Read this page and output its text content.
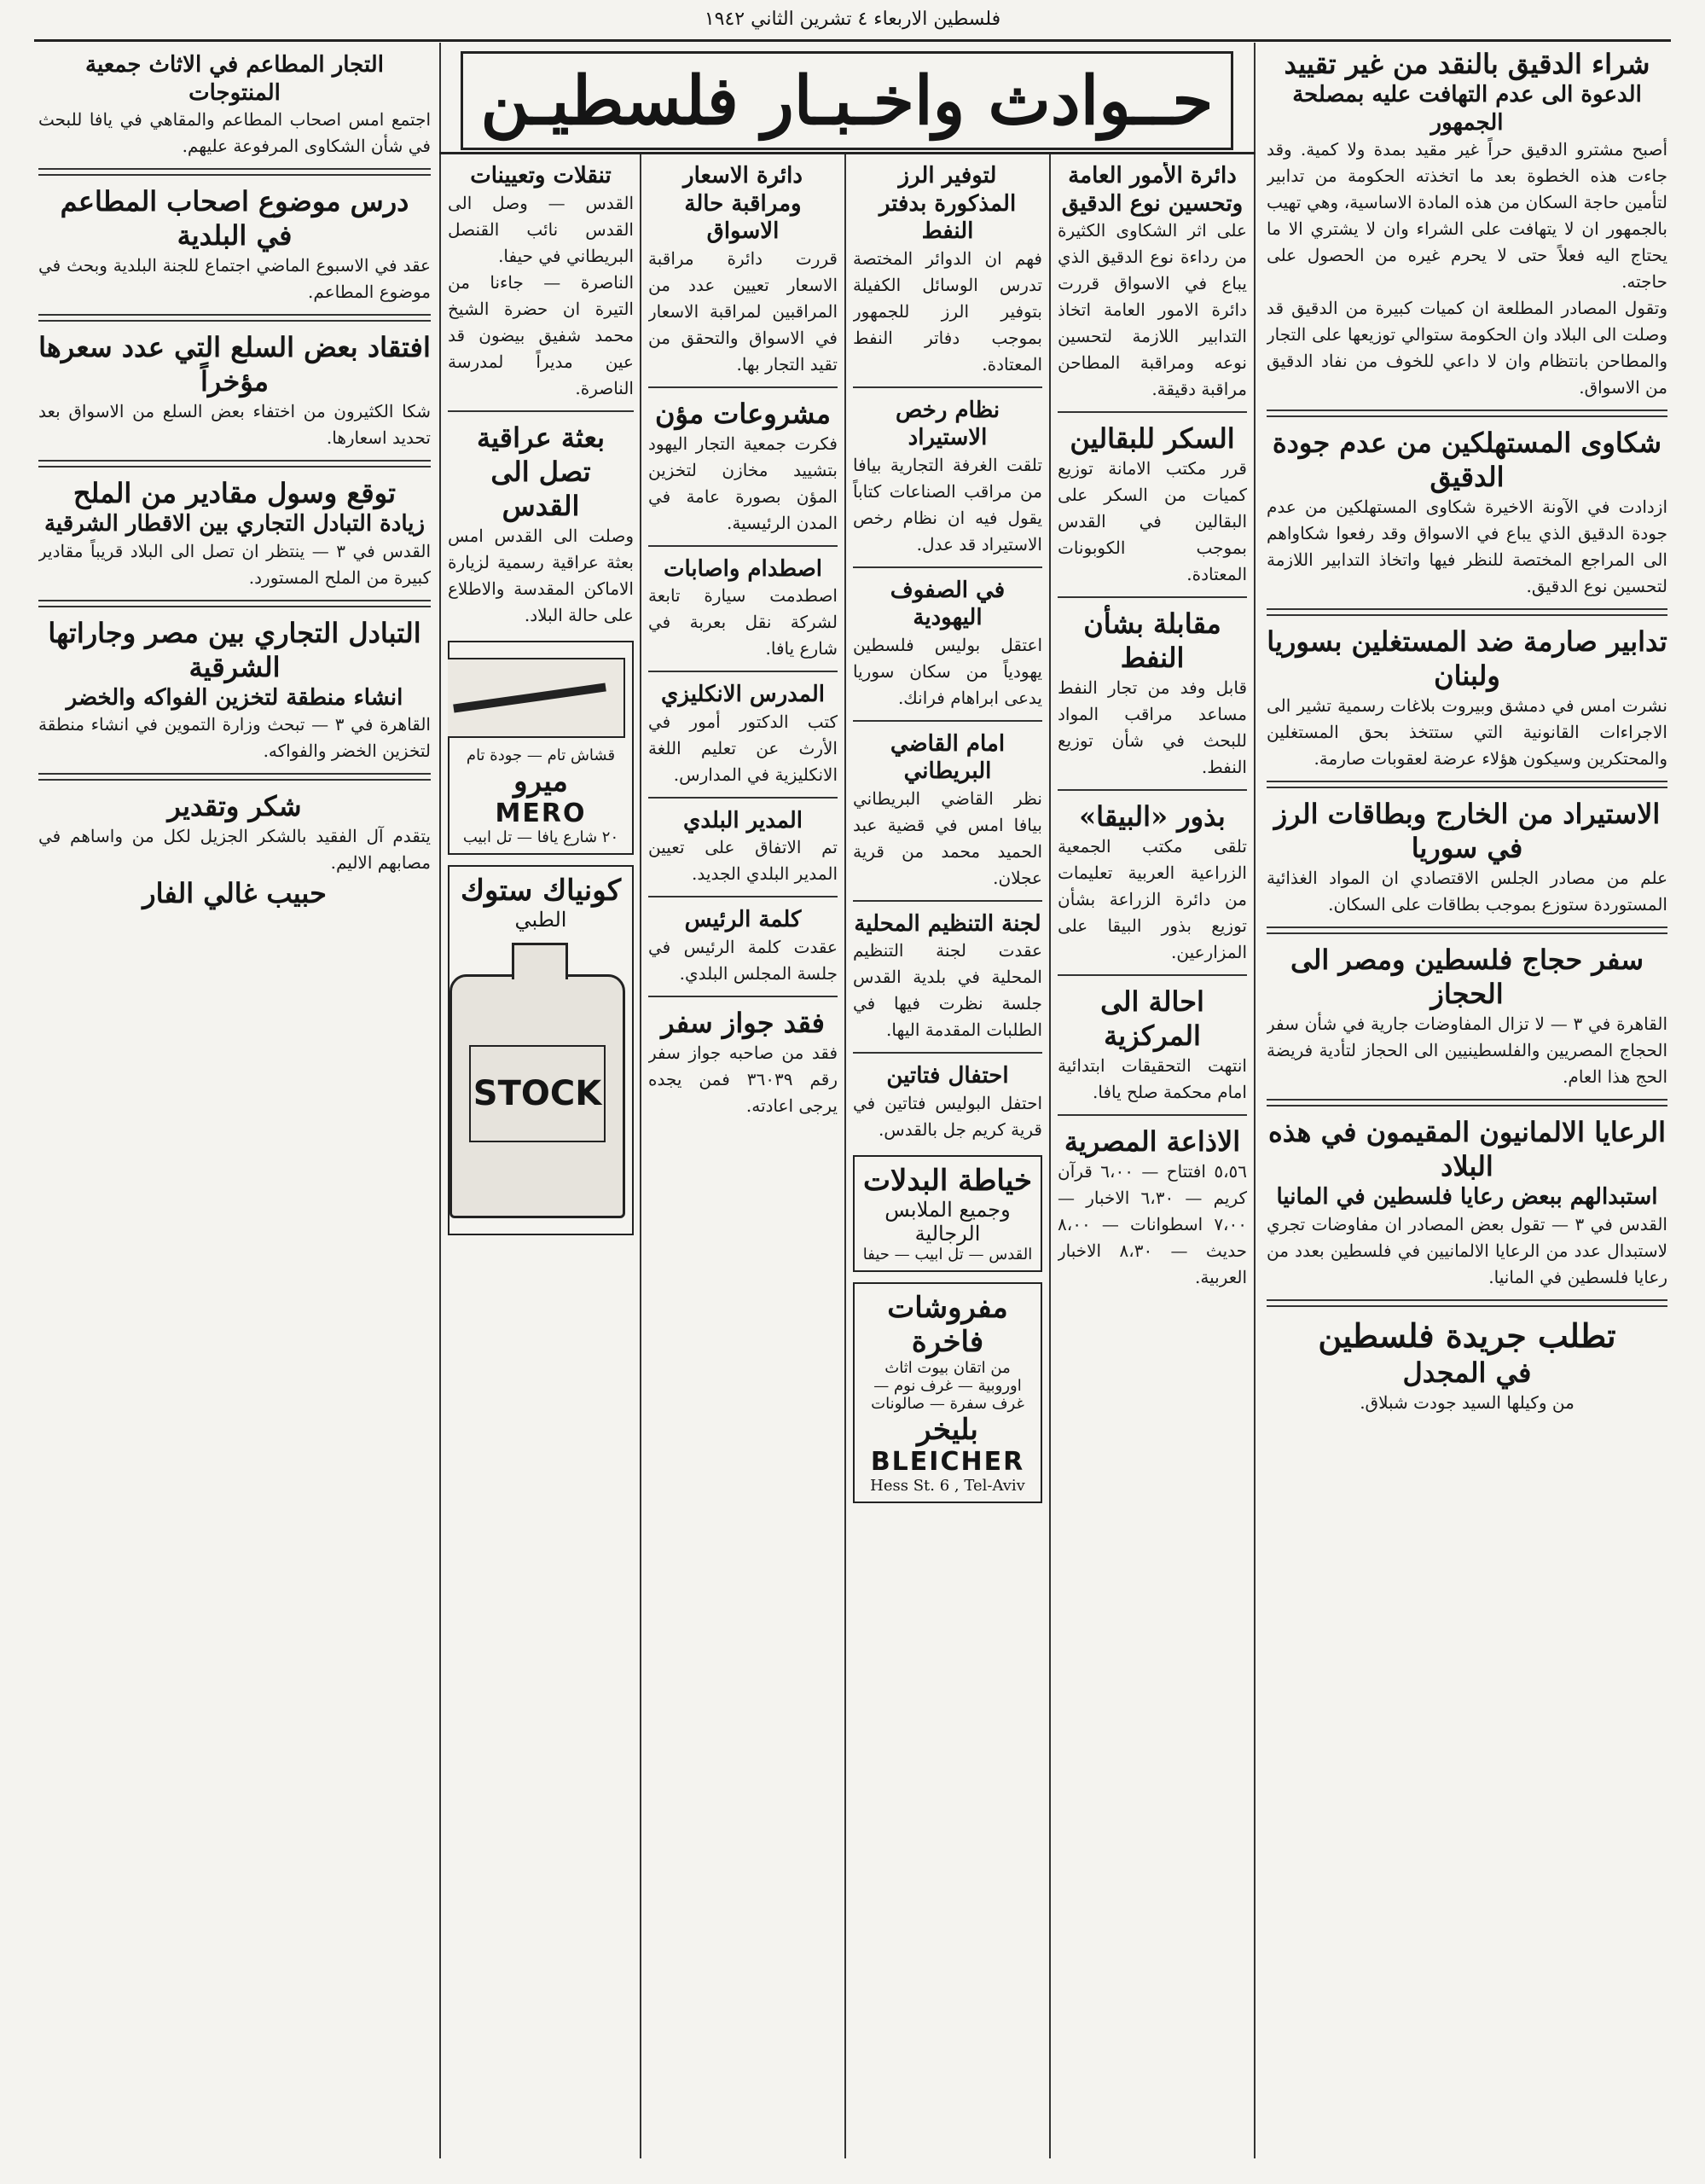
فلسطين الاربعاء ٤ تشرين الثاني ١٩٤٢
حــوادث واخـبـار فلسطيـن	شراء الدقيق بالنقد من غير تقييد
الدعوة الى عدم التهافت عليه بمصلحة الجمهور
أصبح مشترو الدقيق حراً غير مقيد بمدة ولا كمية. وقد جاءت هذه الخطوة بعد ما اتخذته الحكومة من تدابير لتأمين حاجة السكان من هذه المادة الاساسية، وهي تهيب بالجمهور ان لا يتهافت على الشراء وان لا يشتري الا ما يحتاج اليه فعلاً حتى لا يحرم غيره من الحصول على حاجته.
وتقول المصادر المطلعة ان كميات كبيرة من الدقيق قد وصلت الى البلاد وان الحكومة ستوالي توزيعها على التجار والمطاحن بانتظام وان لا داعي للخوف من نفاد الدقيق من الاسواق.
شكاوى المستهلكين من عدم جودة الدقيق
ازدادت في الآونة الاخيرة شكاوى المستهلكين من عدم جودة الدقيق الذي يباع في الاسواق وقد رفعوا شكاواهم الى المراجع المختصة للنظر فيها واتخاذ التدابير اللازمة لتحسين نوع الدقيق.
تدابير صارمة ضد المستغلين بسوريا ولبنان
نشرت امس في دمشق وبيروت بلاغات رسمية تشير الى الاجراءات القانونية التي ستتخذ بحق المستغلين والمحتكرين وسيكون هؤلاء عرضة لعقوبات صارمة.
الاستيراد من الخارج وبطاقات الرز في سوريا
علم من مصادر الجلس الاقتصادي ان المواد الغذائية المستوردة ستوزع بموجب بطاقات على السكان.
سفر حجاج فلسطين ومصر الى الحجاز
القاهرة في ٣ — لا تزال المفاوضات جارية في شأن سفر الحجاج المصريين والفلسطينيين الى الحجاز لتأدية فريضة الحج هذا العام.
الرعايا الالمانيون المقيمون في هذه البلاد
استبدالهم ببعض رعايا فلسطين في المانيا
القدس في ٣ — تقول بعض المصادر ان مفاوضات تجري لاستبدال عدد من الرعايا الالمانيين في فلسطين بعدد من رعايا فلسطين في المانيا.
تطلب جريدة فلسطين
في المجدل
من وكيلها السيد جودت شبلاق.
دائرة الأمور العامة
وتحسين نوع الدقيق
على اثر الشكاوى الكثيرة من رداءة نوع الدقيق الذي يباع في الاسواق قررت دائرة الامور العامة اتخاذ التدابير اللازمة لتحسين نوعه ومراقبة المطاحن مراقبة دقيقة.
السكر للبقالين
قرر مكتب الامانة توزيع كميات من السكر على البقالين في القدس بموجب الكوبونات المعتادة.
مقابلة بشأن النفط
قابل وفد من تجار النفط مساعد مراقب المواد للبحث في شأن توزيع النفط.
بذور «البيقا»
تلقى مكتب الجمعية الزراعية العربية تعليمات من دائرة الزراعة بشأن توزيع بذور البيقا على المزارعين.
احالة الى المركزية
انتهت التحقيقات ابتدائية امام محكمة صلح يافا.
الاذاعة المصرية
٥،٥٦ افتتاح — ٦،٠٠ قرآن كريم — ٦،٣٠ الاخبار — ٧،٠٠ اسطوانات — ٨،٠٠ حديث — ٨،٣٠ الاخبار العربية.
لتوفير الرز
المذكورة بدفتر النفط
فهم ان الدوائر المختصة تدرس الوسائل الكفيلة بتوفير الرز للجمهور بموجب دفاتر النفط المعتادة.
نظام رخص الاستيراد
تلقت الغرفة التجارية بيافا من مراقب الصناعات كتاباً يقول فيه ان نظام رخص الاستيراد قد عدل.
في الصفوف اليهودية
اعتقل بوليس فلسطين يهودياً من سكان سوريا يدعى ابراهام فرانك.
امام القاضي البريطاني
نظر القاضي البريطاني بيافا امس في قضية عبد الحميد محمد من قرية عجلان.
لجنة التنظيم المحلية
عقدت لجنة التنظيم المحلية في بلدية القدس جلسة نظرت فيها في الطلبات المقدمة اليها.
احتفال فتاتين
احتفل البوليس فتاتين في قرية كريم جل بالقدس.
خياطة البدلات
وجميع الملابس الرجالية
القدس — تل ابيب — حيفا
مفروشات فاخرة
من اتقان بيوت اثاث اوروبية — غرف نوم — غرف سفرة — صالونات
بليخر
BLEICHER
Hess St. 6 , Tel-Aviv
دائرة الاسعار
ومراقبة حالة الاسواق
قررت دائرة مراقبة الاسعار تعيين عدد من المراقبين لمراقبة الاسعار في الاسواق والتحقق من تقيد التجار بها.
مشروعات مؤن
فكرت جمعية التجار اليهود بتشييد مخازن لتخزين المؤن بصورة عامة في المدن الرئيسية.
اصطدام واصابات
اصطدمت سيارة تابعة لشركة نقل بعربة في شارع يافا.
المدرس الانكليزي
كتب الدكتور أمور في الأرث عن تعليم اللغة الانكليزية في المدارس.
المدير البلدي
تم الاتفاق على تعيين المدير البلدي الجديد.
كلمة الرئيس
عقدت كلمة الرئيس في جلسة المجلس البلدي.
فقد جواز سفر
فقد من صاحبه جواز سفر رقم ٣٦٠٣٩ فمن يجده يرجى اعادته.
تنقلات وتعيينات
القدس — وصل الى القدس نائب القنصل البريطاني في حيفا.
الناصرة — جاءنا من التيرة ان حضرة الشيخ محمد شفيق بيضون قد عين مديراً لمدرسة الناصرة.
بعثة عراقية
تصل الى القدس
وصلت الى القدس امس بعثة عراقية رسمية لزيارة الاماكن المقدسة والاطلاع على حالة البلاد.
قشاش تام — جودة تام
ميرو
MERO
٢٠ شارع يافا — تل ابيب
كونياك ستوك
الطبي
STOCK
التجار المطاعم في الاثاث جمعية المنتوجات
اجتمع امس اصحاب المطاعم والمقاهي في يافا للبحث في شأن الشكاوى المرفوعة عليهم.
درس موضوع اصحاب المطاعم في البلدية
عقد في الاسبوع الماضي اجتماع للجنة البلدية وبحث في موضوع المطاعم.
افتقاد بعض السلع التي عدد سعرها مؤخراً
شكا الكثيرون من اختفاء بعض السلع من الاسواق بعد تحديد اسعارها.
توقع وسول مقادير من الملح
زيادة التبادل التجاري بين الاقطار الشرقية
القدس في ٣ — ينتظر ان تصل الى البلاد قريباً مقادير كبيرة من الملح المستورد.
التبادل التجاري بين مصر وجاراتها الشرقية
انشاء منطقة لتخزين الفواكه والخضر
القاهرة في ٣ — تبحث وزارة التموين في انشاء منطقة لتخزين الخضر والفواكه.
شكر وتقدير
يتقدم آل الفقيد بالشكر الجزيل لكل من واساهم في مصابهم الاليم.
حبيب غالي الفار
